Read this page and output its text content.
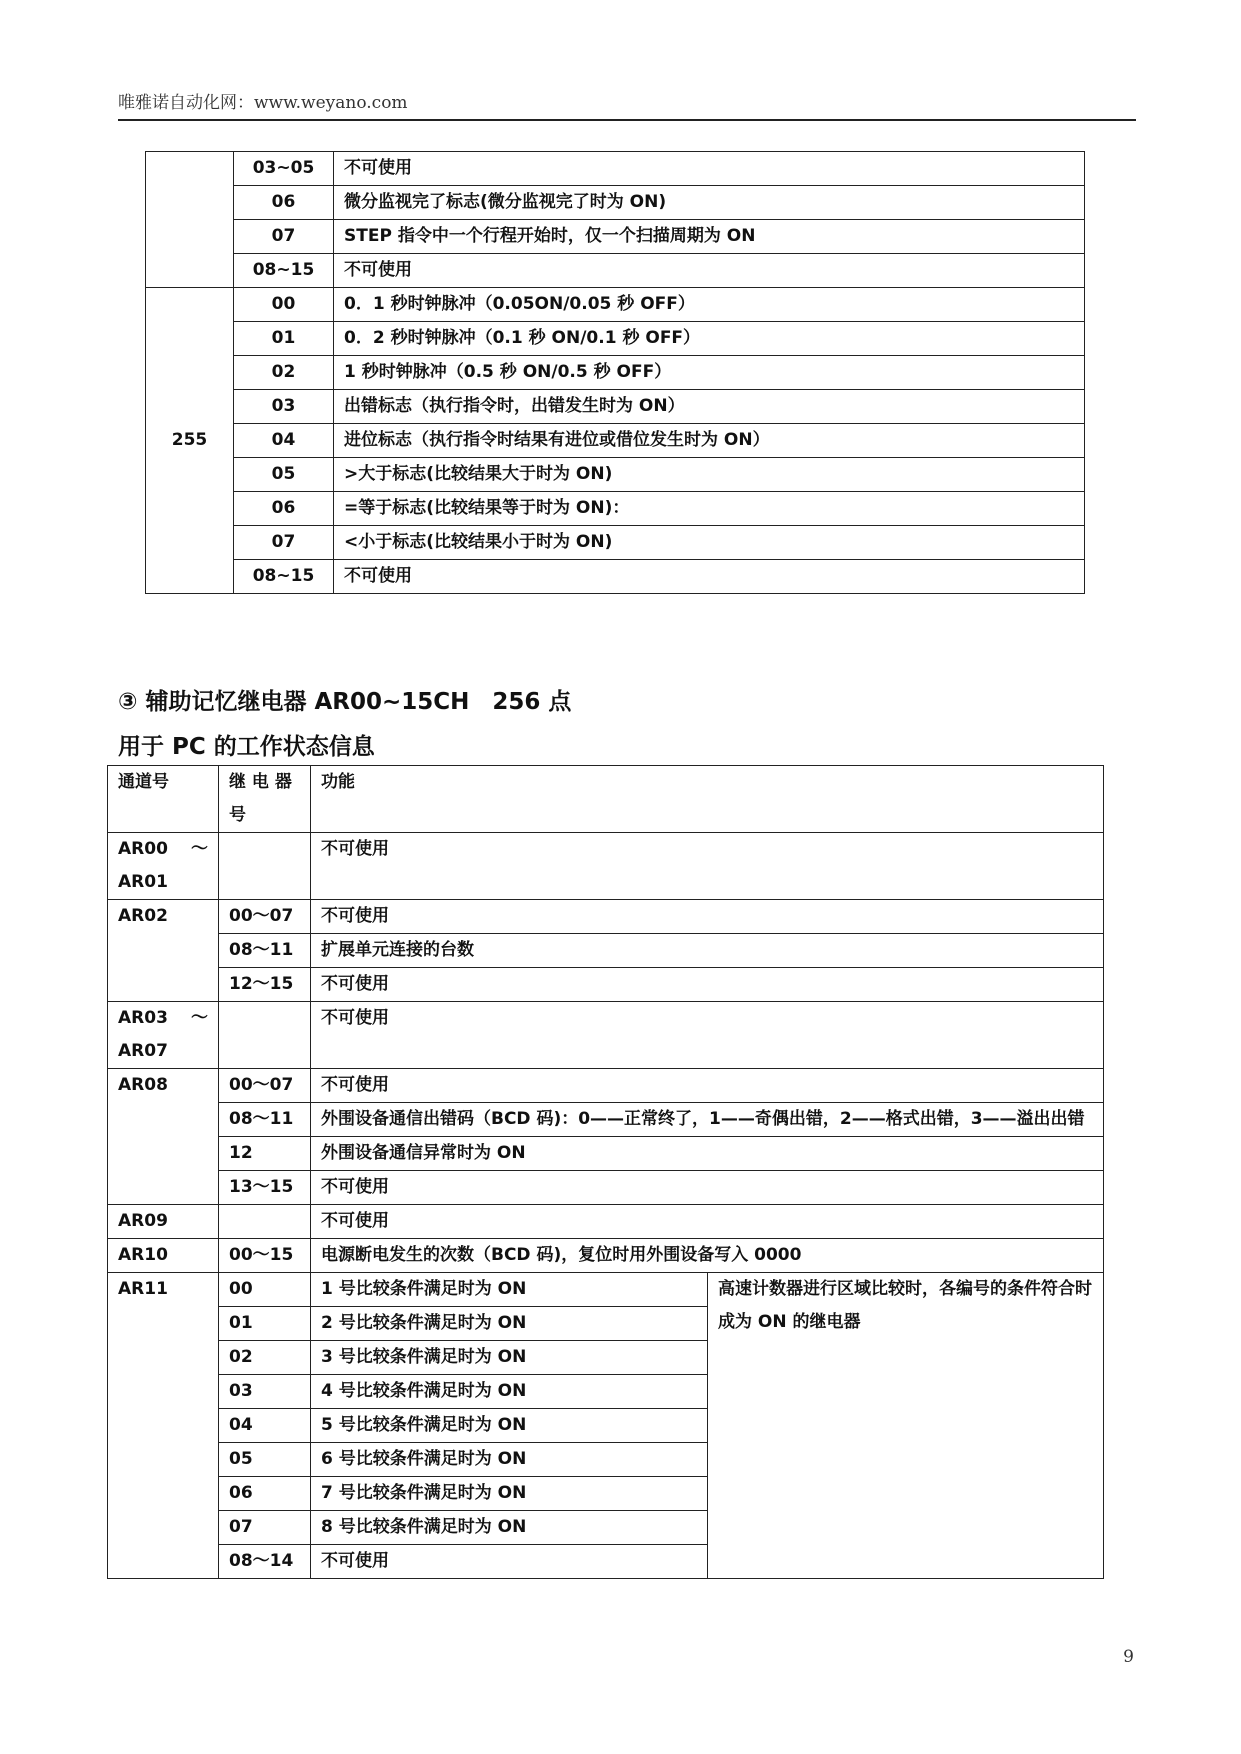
唯雅诺自动化网：www.weyano.com
	03~05	不可使用
	06	微分监视完了标志(微分监视完了时为 ON)
	07	STEP 指令中一个行程开始时，仅一个扫描周期为 ON
	08~15	不可使用
255	00	0．1 秒时钟脉冲（0.05ON/0.05 秒 OFF）
	01	0．2 秒时钟脉冲（0.1 秒 ON/0.1 秒 OFF）
	02	1 秒时钟脉冲（0.5 秒 ON/0.5 秒 OFF）
	03	出错标志（执行指令时，出错发生时为 ON）
	04	进位标志（执行指令时结果有进位或借位发生时为 ON）
	05	>大于标志(比较结果大于时为 ON)
	06	=等于标志(比较结果等于时为 ON)：
	07	<小于标志(比较结果小于时为 ON)
	08~15	不可使用
③ 辅助记忆继电器 AR00~15CH　256 点
用于 PC 的工作状态信息
通道号	继 电 器 号	功能	

AR00 ～
AR01		不可使用	
AR02	00～07	不可使用	
	08～11	扩展单元连接的台数	
	12～15	不可使用	

AR03 ～
AR07		不可使用	
AR08	00～07	不可使用	
	08～11	外围设备通信出错码（BCD 码)：0——正常终了，1——奇偶出错，2——格式出错，3——溢出出错	
	12	外围设备通信异常时为 ON	
	13～15	不可使用	
AR09		不可使用	
AR10	00～15	电源断电发生的次数（BCD 码)，复位时用外围设备写入 0000	
AR11	00	1 号比较条件满足时为 ON	高速计数器进行区域比较时，各编号的条件符合时成为 ON 的继电器
	01	2 号比较条件满足时为 ON	
	02	3 号比较条件满足时为 ON	
	03	4 号比较条件满足时为 ON	
	04	5 号比较条件满足时为 ON	
	05	6 号比较条件满足时为 ON	
	06	7 号比较条件满足时为 ON	
	07	8 号比较条件满足时为 ON	
	08～14	不可使用	
9
